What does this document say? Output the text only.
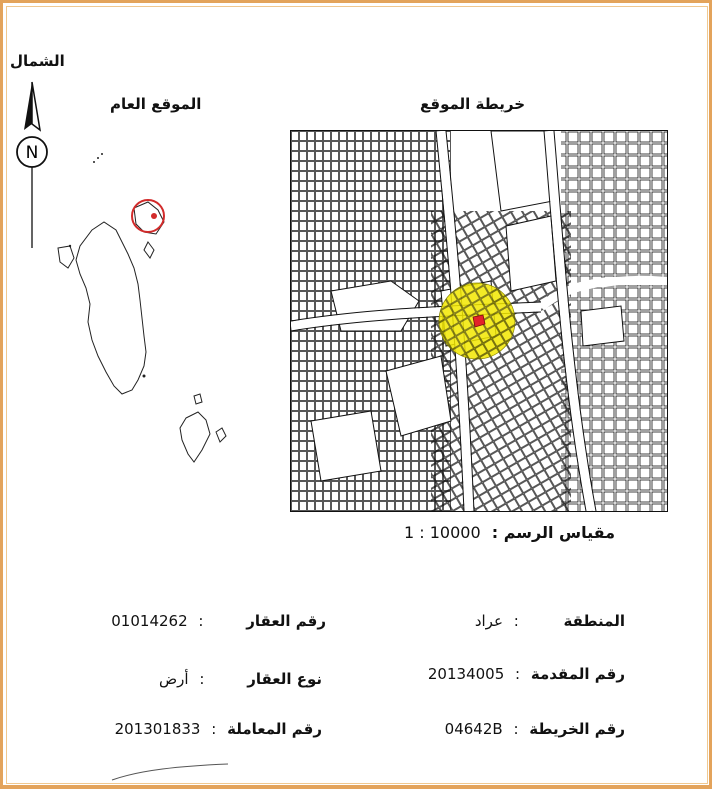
الشمال
N
الموقع العام	خريطة الموقع
مقياس الرسم : 1 : 10000
المنطقة : عراد
رقم العقار : 01014262
رقم المقدمة : 20134005
نوع العقار : أرض
رقم الخريطة : 04642B
رقم المعاملة : 201301833
